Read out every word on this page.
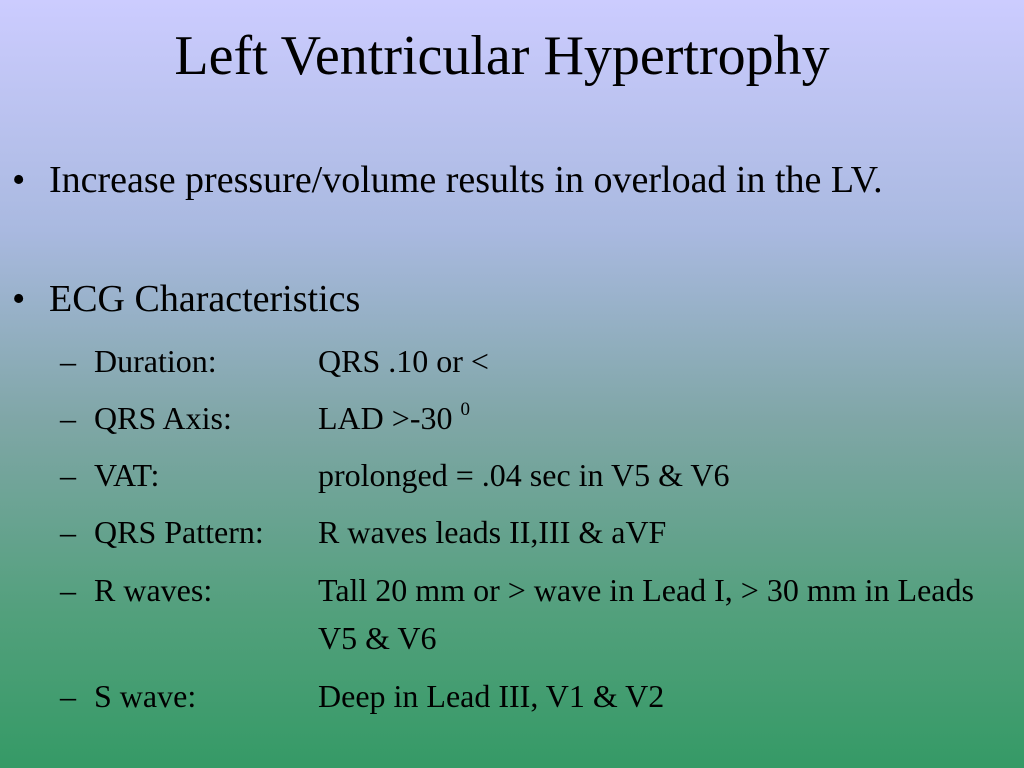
Left Ventricular Hypertrophy
• Increase pressure/volume results in overload in the LV.
• ECG Characteristics
– Duration:	QRS .10 or <
– QRS Axis:	LAD >-30 $^0$
– VAT:	prolonged = .04 sec in V5 & V6
– QRS Pattern: R waves leads II,III & aVF
– R waves:	Tall 20 mm or > wave in Lead I, > 30 mm in Leads V5 & V6
– S wave:	Deep in Lead III, V1 & V2
